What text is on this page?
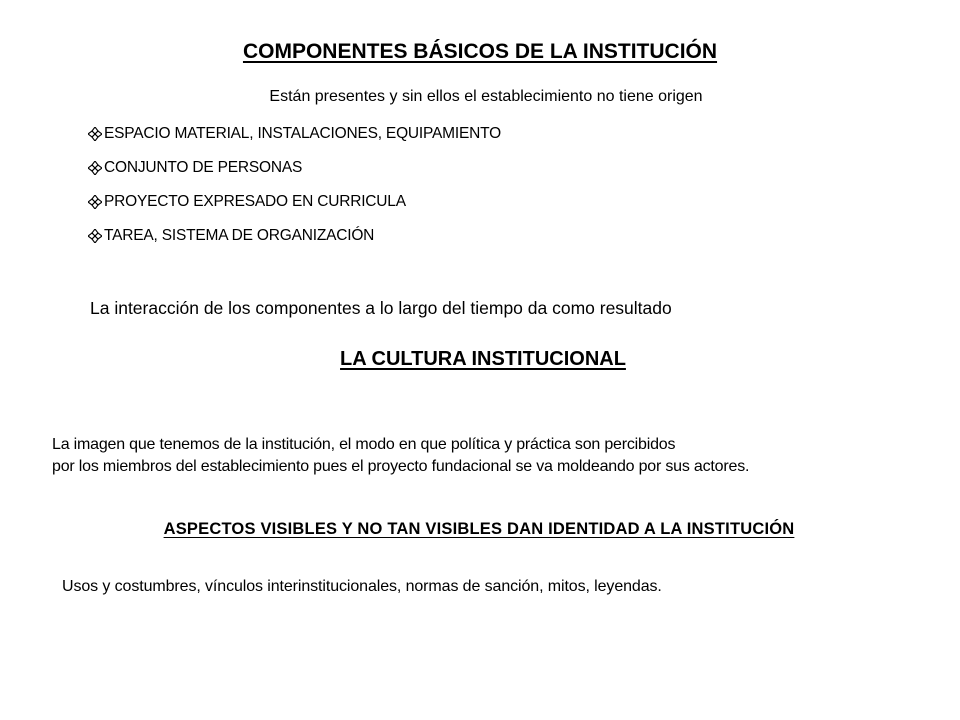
COMPONENTES BÁSICOS DE LA INSTITUCIÓN
Están presentes y sin ellos el establecimiento no tiene origen
ESPACIO MATERIAL, INSTALACIONES, EQUIPAMIENTO
CONJUNTO DE PERSONAS
PROYECTO EXPRESADO EN CURRICULA
TAREA, SISTEMA DE ORGANIZACIÓN
La interacción de los componentes a lo largo del tiempo da como resultado
LA CULTURA INSTITUCIONAL
La imagen que tenemos de la institución, el modo en que política y práctica son percibidos
por los miembros del establecimiento pues el proyecto fundacional se va moldeando por sus actores.
ASPECTOS VISIBLES Y NO TAN VISIBLES DAN IDENTIDAD A LA INSTITUCIÓN
Usos y costumbres, vínculos interinstitucionales, normas de sanción, mitos, leyendas.
